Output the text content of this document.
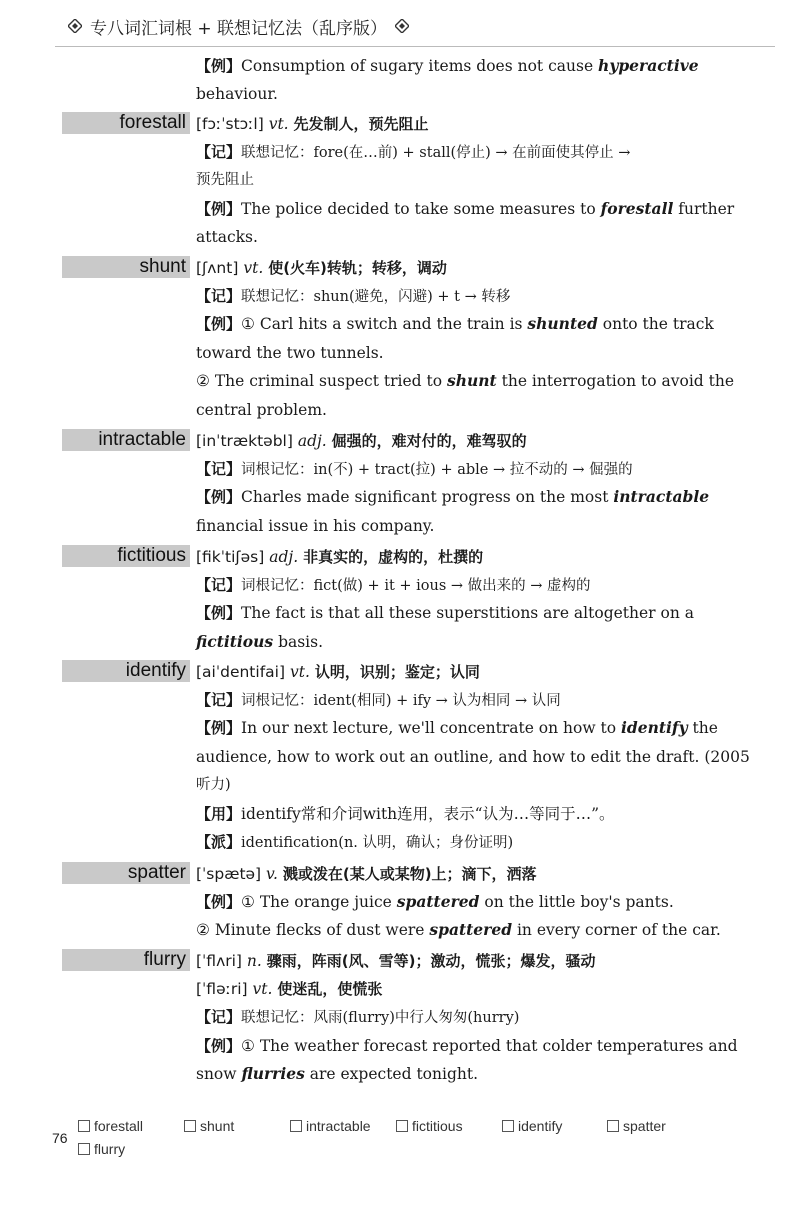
专八词汇词根 + 联想记忆法（乱序版）
【例】Consumption of sugary items does not cause hyperactive
behaviour.
forestall [fɔːˈstɔːl] vt. 先发制人，预先阻止
【记】联想记忆：fore(在…前) + stall(停止) → 在前面使其停止 →
预先阻止
【例】The police decided to take some measures to forestall further
attacks.
shunt [ʃʌnt] vt. 使(火车)转轨；转移，调动
【记】联想记忆：shun(避免，闪避) + t → 转移
【例】① Carl hits a switch and the train is shunted onto the track
toward the two tunnels.
② The criminal suspect tried to shunt the interrogation to avoid the
central problem.
intractable [inˈtræktəbl] adj. 倔强的，难对付的，难驾驭的
【记】词根记忆：in(不) + tract(拉) + able → 拉不动的 → 倔强的
【例】Charles made significant progress on the most intractable
financial issue in his company.
fictitious [fikˈtiʃəs] adj. 非真实的，虚构的，杜撰的
【记】词根记忆：fict(做) + it + ious → 做出来的 → 虚构的
【例】The fact is that all these superstitions are altogether on a
fictitious basis.
identify [aiˈdentifai] vt. 认明，识别；鉴定；认同
【记】词根记忆：ident(相同) + ify → 认为相同 → 认同
【例】In our next lecture, we'll concentrate on how to identify the
audience, how to work out an outline, and how to edit the draft. (2005
听力)
【用】identify常和介词with连用，表示“认为…等同于…”。
【派】identification(n. 认明，确认；身份证明)
spatter [ˈspætə] v. 溅或泼在(某人或某物)上；滴下，洒落
【例】① The orange juice spattered on the little boy's pants.
② Minute flecks of dust were spattered in every corner of the car.
flurry [ˈflʌri] n. 骤雨，阵雨(风、雪等)；激动，慌张；爆发，骚动
[ˈfləːri] vt. 使迷乱，使慌张
【记】联想记忆：风雨(flurry)中行人匆匆(hurry)
【例】① The weather forecast reported that colder temperatures and
snow flurries are expected tonight.
76
forestall	shunt	intractable	fictitious	identify	spatter
flurry
